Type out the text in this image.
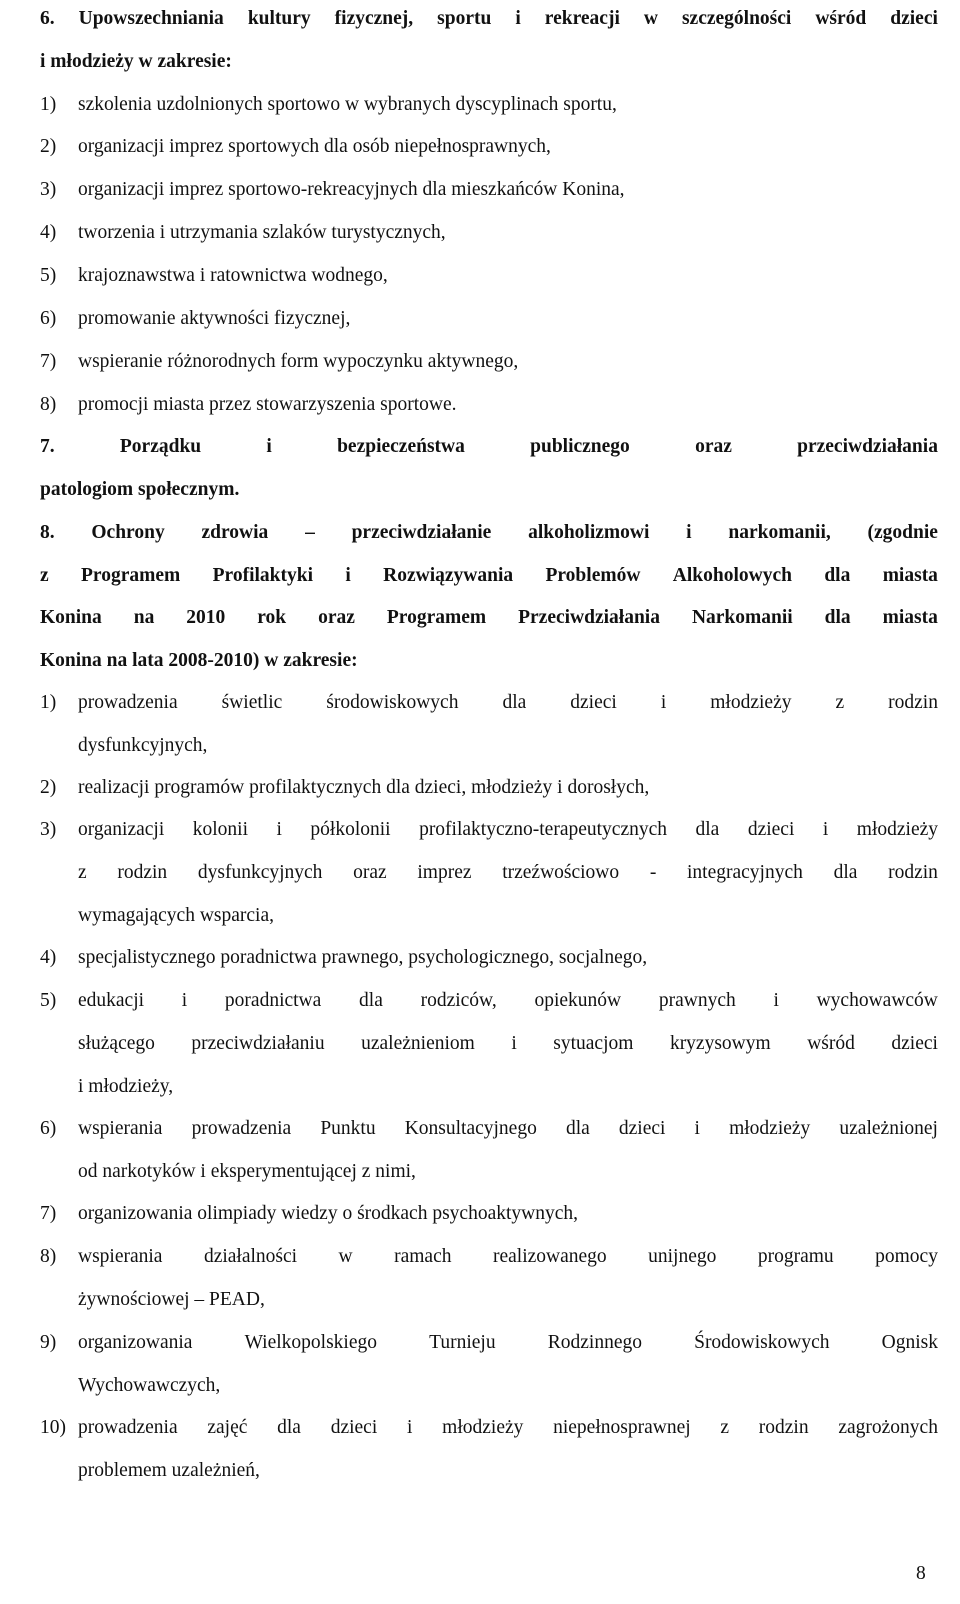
6. Upowszechniania kultury fizycznej, sportu i rekreacji w szczególności wśród dzieci
i młodzieży w zakresie:
1) szkolenia uzdolnionych sportowo w wybranych dyscyplinach sportu,
2) organizacji imprez sportowych dla osób niepełnosprawnych,
3) organizacji imprez sportowo-rekreacyjnych dla mieszkańców Konina,
4) tworzenia i utrzymania szlaków turystycznych,
5) krajoznawstwa i ratownictwa wodnego,
6) promowanie aktywności fizycznej,
7) wspieranie różnorodnych form wypoczynku aktywnego,
8) promocji miasta przez stowarzyszenia sportowe.
7.	Porządku	i	bezpieczeństwa	publicznego	oraz	przeciwdziałania
patologiom społecznym.
8. Ochrony zdrowia – przeciwdziałanie alkoholizmowi i narkomanii, (zgodnie
z Programem Profilaktyki i Rozwiązywania Problemów Alkoholowych dla miasta
Konina na 2010 rok oraz Programem Przeciwdziałania Narkomanii dla miasta
Konina na lata 2008-2010) w zakresie:
1) prowadzenia świetlic środowiskowych dla dzieci i młodzieży z rodzin
dysfunkcyjnych,
2) realizacji programów profilaktycznych dla dzieci, młodzieży i dorosłych,
3) organizacji kolonii i półkolonii profilaktyczno-terapeutycznych dla dzieci i młodzieży
z rodzin dysfunkcyjnych oraz imprez trzeźwościowo - integracyjnych dla rodzin
wymagających wsparcia,
4) specjalistycznego poradnictwa prawnego, psychologicznego, socjalnego,
5) edukacji i poradnictwa dla rodziców, opiekunów prawnych i wychowawców
służącego przeciwdziałaniu uzależnieniom i sytuacjom kryzysowym wśród dzieci
i młodzieży,
6) wspierania prowadzenia Punktu Konsultacyjnego dla dzieci i młodzieży uzależnionej
od narkotyków i eksperymentującej z nimi,
7) organizowania olimpiady wiedzy o środkach psychoaktywnych,
8) wspierania działalności w ramach realizowanego unijnego programu pomocy
żywnościowej – PEAD,
9) organizowania	Wielkopolskiego	Turnieju	Rodzinnego	Środowiskowych	Ognisk
Wychowawczych,
10) prowadzenia zajęć dla dzieci i młodzieży niepełnosprawnej z rodzin zagrożonych
problemem uzależnień,
8
